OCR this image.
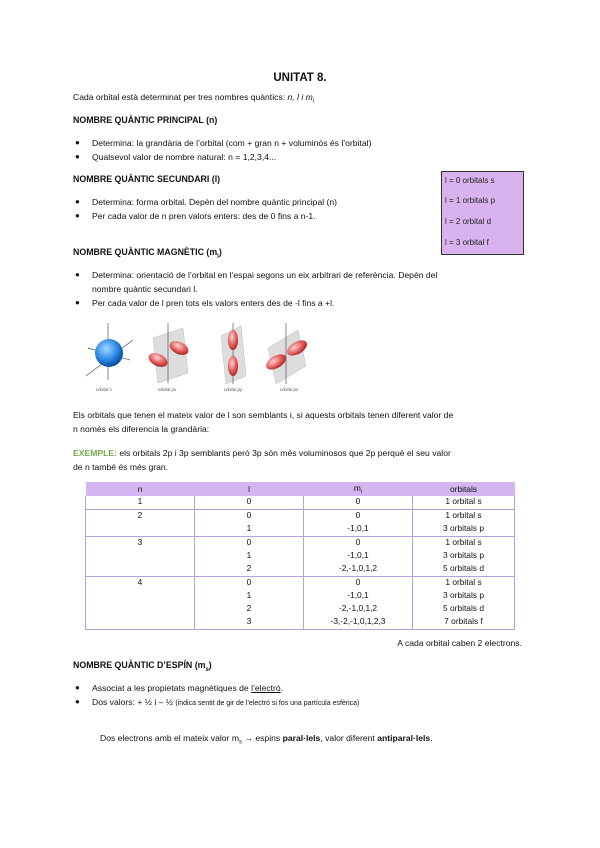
UNITAT 8.
Cada orbital està determinat per tres nombres quàntics: n, l i $m_l$
NOMBRE QUÀNTIC PRINCIPAL (n)
● Determina: la grandària de l’orbital (com + gran n + voluminós és l’orbital)
● Qualsevol valor de nombre natural: n = 1,2,3,4...
NOMBRE QUÀNTIC SECUNDARI (l)
● Determina: forma orbital. Depèn del nombre quàntic principal (n)
● Per cada valor de n pren valors enters: des de 0 fins a n-1.
l = 0 orbitals s
l = 1 orbitals p
l = 2 orbital d
l = 3 orbital f
NOMBRE QUÀNTIC MAGNÈTIC $(m_l)$
● Determina: orientació de l’orbital en l’espai segons un eix arbitrari de referència. Depèn del
nombre quàntic secundari l.
● Per cada valor de l pren tots els valors enters des de -l fins a +l.
orbital s	orbital px	orbital py	orbital pz
Els orbitals que tenen el mateix valor de l son semblants i, si aquests orbitals tenen diferent valor de
n només els diferencia la grandària:
EXEMPLE: els orbitals 2p i 3p semblants però 3p són més voluminosos que 2p perquè el seu valor
de n també és més gran.
n	l	$m_l$	orbitals
1	0	0	1 orbital s
2	0	0	1 orbital s
	1	-1,0,1	3 orbitals p
3	0	0	1 orbital s
	1	-1,0,1	3 orbitals p
	2	-2,-1,0,1,2	5 orbitals d
4	0	0	1 orbital s
	1	-1,0,1	3 orbitals p
	2	-2,-1,0,1,2	5 orbitals d
	3	-3,-2,-1,0,1,2,3	7 orbitals f
A cada orbital caben 2 electrons.
NOMBRE QUÀNTIC D’ESPÍN $(m_s)$
● Associat a les propietats magnètiques de l’electró.
● Dos valors: + ½ i – ½ (indica sentit de gir de l’electró si fos una partícula esfèrica)
Dos electrons amb el mateix valor $m_s$ → espins paral·lels, valor diferent antiparal·lels.
